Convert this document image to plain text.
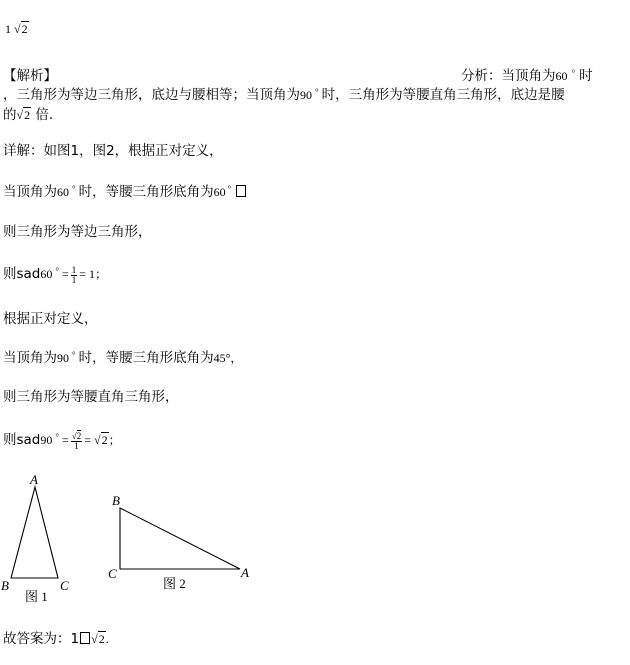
1 √2
【解析】	分析：当顶角为60 ° 时
，三角形为等边三角形，底边与腰相等；当顶角为90 ° 时，三角形为等腰直角三角形，底边是腰
的√2 倍.
详解：如图1，图2，根据正对定义，
当顶角为60 ° 时，等腰三角形底角为60 °
则三角形为等边三角形，
则sad60 $^\circ = \frac{1}{1} = 1$；
根据正对定义，
当顶角为90 ° 时，等腰三角形底角为45°，
则三角形为等腰直角三角形，
则sad90 $^\circ = \frac{√2}{1} = √2$；
A
B	C
图 1
B
C	A
图 2
故答案为：1 √2.
